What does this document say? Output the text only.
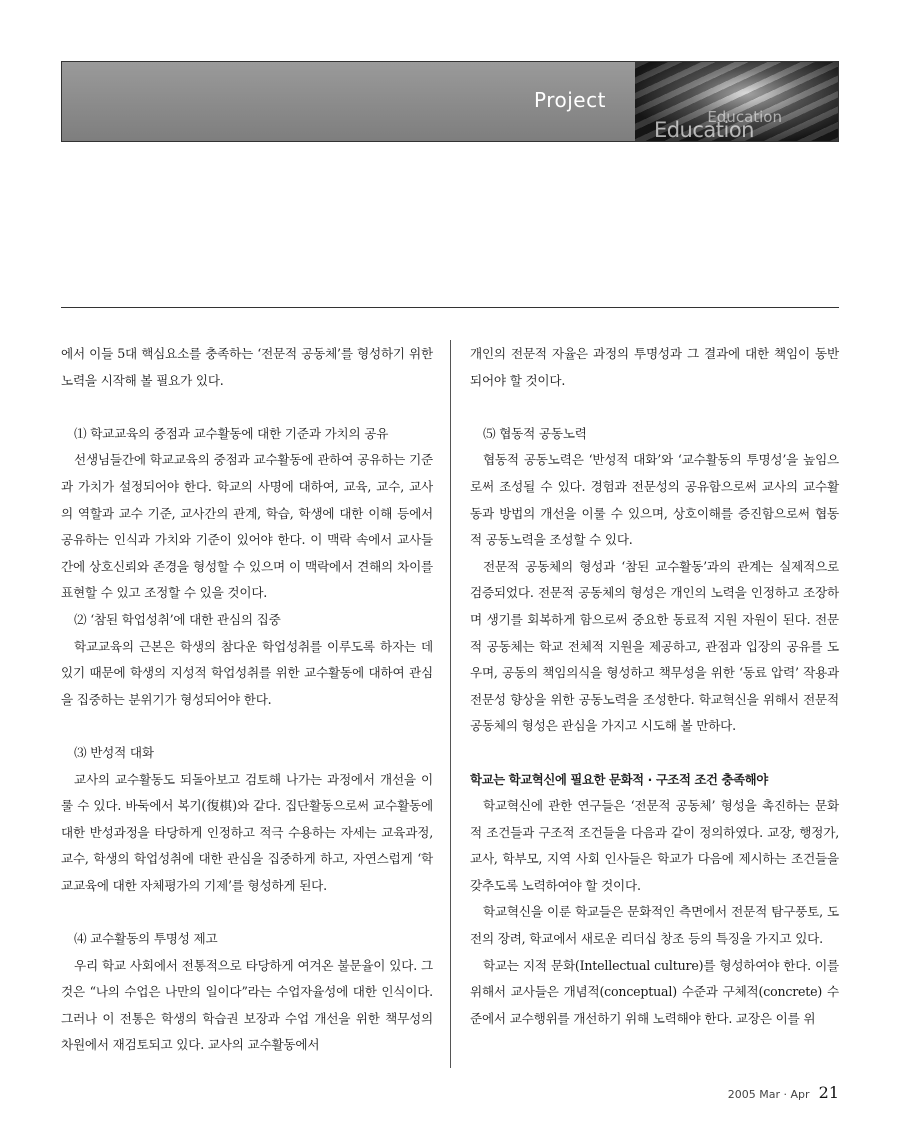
Project
Education
Education

에서 이들 5대 핵심요소를 충족하는 ‘전문적 공동체’를 형성하기 위한 노력을 시작해 볼 필요가 있다.

⑴ 학교교육의 중점과 교수활동에 대한 기준과 가치의 공유

선생님들간에 학교교육의 중점과 교수활동에 관하여 공유하는 기준과 가치가 설정되어야 한다. 학교의 사명에 대하여, 교육, 교수, 교사의 역할과 교수 기준, 교사간의 관계, 학습, 학생에 대한 이해 등에서 공유하는 인식과 가치와 기준이 있어야 한다. 이 맥락 속에서 교사들간에 상호신뢰와 존경을 형성할 수 있으며 이 맥락에서 견해의 차이를 표현할 수 있고 조정할 수 있을 것이다.

⑵ ‘참된 학업성취’에 대한 관심의 집중

학교교육의 근본은 학생의 참다운 학업성취를 이루도록 하자는 데 있기 때문에 학생의 지성적 학업성취를 위한 교수활동에 대하여 관심을 집중하는 분위기가 형성되어야 한다.

⑶ 반성적 대화

교사의 교수활동도 되돌아보고 검토해 나가는 과정에서 개선을 이룰 수 있다. 바둑에서 복기(復棋)와 같다. 집단활동으로써 교수활동에 대한 반성과정을 타당하게 인정하고 적극 수용하는 자세는 교육과정, 교수, 학생의 학업성취에 대한 관심을 집중하게 하고, 자연스럽게 ‘학교교육에 대한 자체평가의 기제’를 형성하게 된다.

⑷ 교수활동의 투명성 제고

우리 학교 사회에서 전통적으로 타당하게 여겨온 불문율이 있다. 그것은 “나의 수업은 나만의 일이다”라는 수업자율성에 대한 인식이다. 그러나 이 전통은 학생의 학습권 보장과 수업 개선을 위한 책무성의 차원에서 재검토되고 있다. 교사의 교수활동에서

개인의 전문적 자율은 과정의 투명성과 그 결과에 대한 책임이 동반되어야 할 것이다.

⑸ 협동적 공동노력

협동적 공동노력은 ‘반성적 대화’와 ‘교수활동의 투명성’을 높임으로써 조성될 수 있다. 경험과 전문성의 공유함으로써 교사의 교수활동과 방법의 개선을 이룰 수 있으며, 상호이해를 증진함으로써 협동적 공동노력을 조성할 수 있다.

전문적 공동체의 형성과 ‘참된 교수활동’과의 관계는 실제적으로 검증되었다. 전문적 공동체의 형성은 개인의 노력을 인정하고 조장하며 생기를 회복하게 함으로써 중요한 동료적 지원 자원이 된다. 전문적 공동체는 학교 전체적 지원을 제공하고, 관점과 입장의 공유를 도우며, 공동의 책임의식을 형성하고 책무성을 위한 ‘동료 압력’ 작용과 전문성 향상을 위한 공동노력을 조성한다. 학교혁신을 위해서 전문적 공동체의 형성은 관심을 가지고 시도해 볼 만하다.

학교는 학교혁신에 필요한 문화적 · 구조적 조건 충족해야

학교혁신에 관한 연구들은 ‘전문적 공동체’ 형성을 촉진하는 문화적 조건들과 구조적 조건들을 다음과 같이 정의하였다. 교장, 행정가, 교사, 학부모, 지역 사회 인사들은 학교가 다음에 제시하는 조건들을 갖추도록 노력하여야 할 것이다.

학교혁신을 이룬 학교들은 문화적인 측면에서 전문적 탐구풍토, 도전의 장려, 학교에서 새로운 리더십 창조 등의 특징을 가지고 있다.

학교는 지적 문화(Intellectual culture)를 형성하여야 한다. 이를 위해서 교사들은 개념적(conceptual) 수준과 구체적(concrete) 수준에서 교수행위를 개선하기 위해 노력해야 한다. 교장은 이를 위

2005 Mar · Apr 21
